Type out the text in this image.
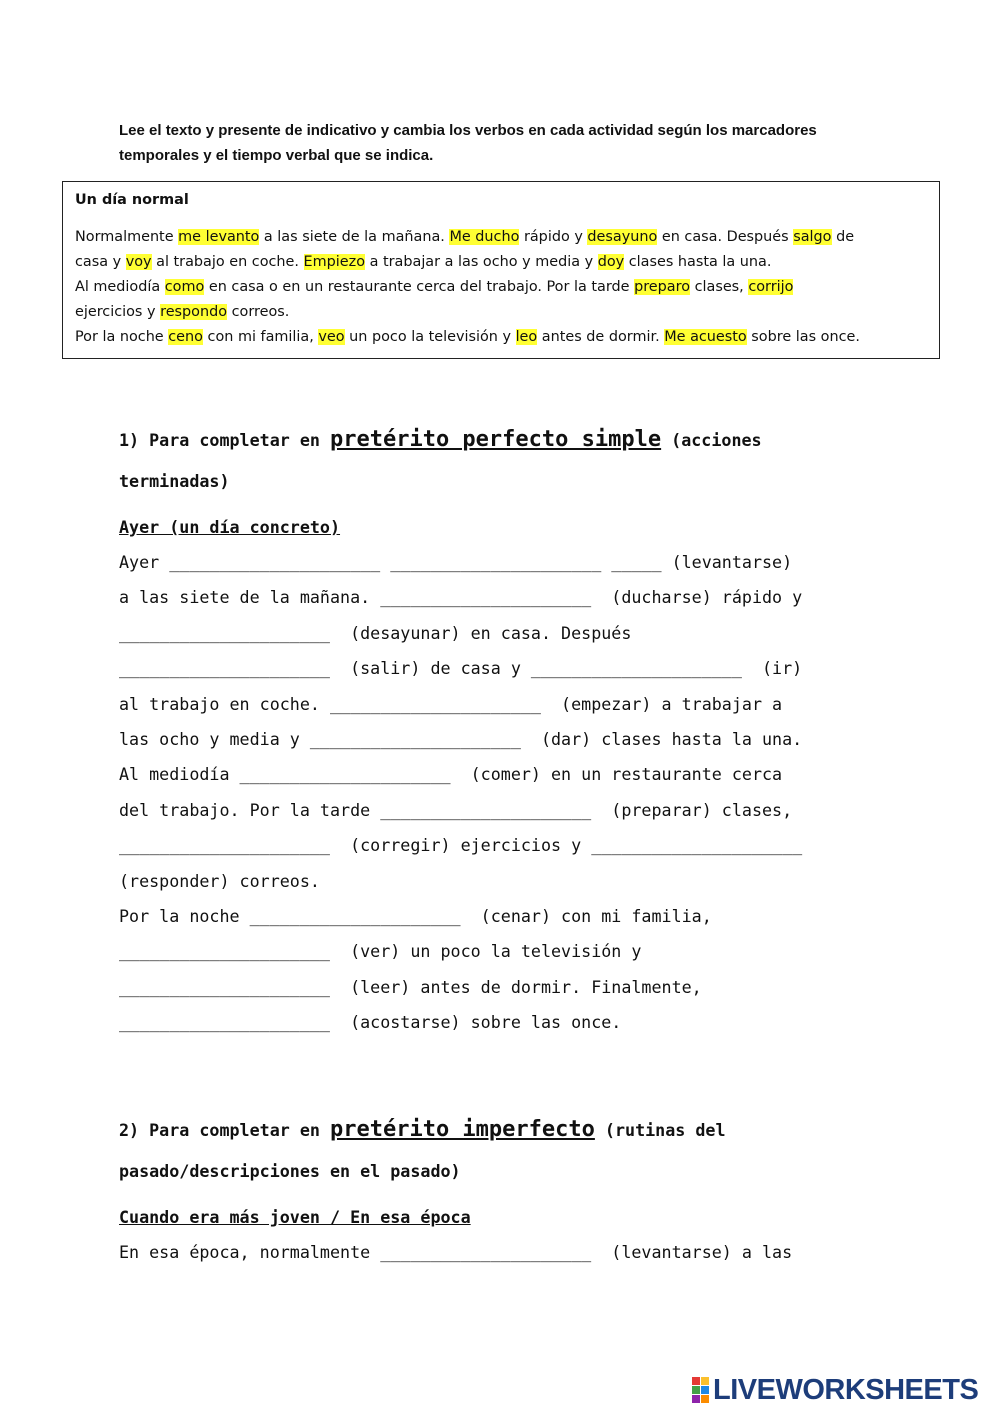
Lee el texto y presente de indicativo y cambia los verbos en cada actividad según los marcadores temporales y el tiempo verbal que se indica.
Un día normal
Normalmente me levanto a las siete de la mañana. Me ducho rápido y desayuno en casa. Después salgo de
casa y voy al trabajo en coche. Empiezo a trabajar a las ocho y media y doy clases hasta la una.
Al mediodía como en casa o en un restaurante cerca del trabajo. Por la tarde preparo clases, corrijo
ejercicios y respondo correos.
Por la noche ceno con mi familia, veo un poco la televisión y leo antes de dormir. Me acuesto sobre las once.
1) Para completar en pretérito perfecto simple (acciones
terminadas)
Ayer (un día concreto)
Ayer _____________________ _____________________ _____ (levantarse)
a las siete de la mañana. _____________________  (ducharse) rápido y
_____________________  (desayunar) en casa. Después
_____________________  (salir) de casa y _____________________  (ir)
al trabajo en coche. _____________________  (empezar) a trabajar a
las ocho y media y _____________________  (dar) clases hasta la una.
Al mediodía _____________________  (comer) en un restaurante cerca
del trabajo. Por la tarde _____________________  (preparar) clases,
_____________________  (corregir) ejercicios y _____________________
(responder) correos.
Por la noche _____________________  (cenar) con mi familia,
_____________________  (ver) un poco la televisión y
_____________________  (leer) antes de dormir. Finalmente,
_____________________  (acostarse) sobre las once.
2) Para completar en pretérito imperfecto (rutinas del
pasado/descripciones en el pasado)
Cuando era más joven / En esa época
En esa época, normalmente _____________________  (levantarse) a las
LIVEWORKSHEETS
